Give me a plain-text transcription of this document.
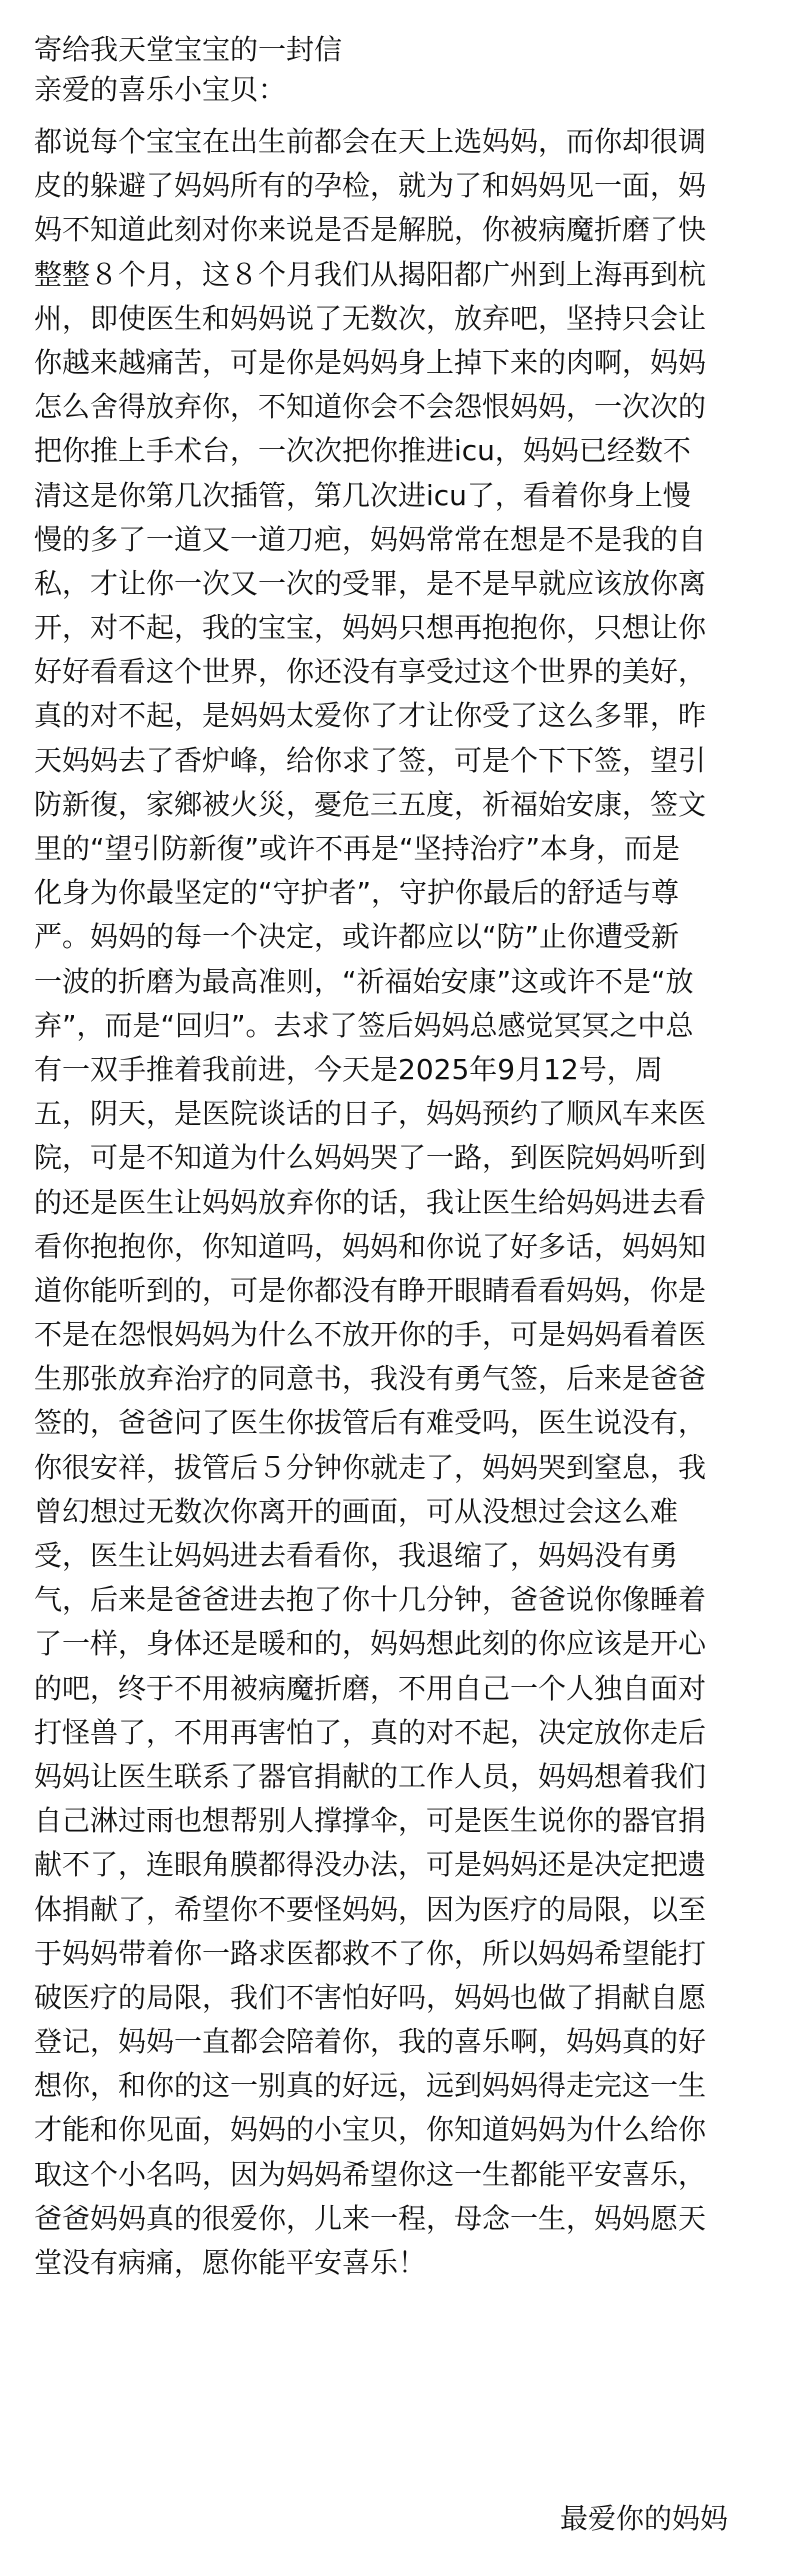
寄给我天堂宝宝的一封信
亲爱的喜乐小宝贝：
都说每个宝宝在出生前都会在天上选妈妈，而你却很调
皮的躲避了妈妈所有的孕检，就为了和妈妈见一面，妈
妈不知道此刻对你来说是否是解脱，你被病魔折磨了快
整整８个月，这８个月我们从揭阳都广州到上海再到杭
州，即使医生和妈妈说了无数次，放弃吧，坚持只会让
你越来越痛苦，可是你是妈妈身上掉下来的肉啊，妈妈
怎么舍得放弃你，不知道你会不会怨恨妈妈，一次次的
把你推上手术台，一次次把你推进icu，妈妈已经数不
清这是你第几次插管，第几次进icu了，看着你身上慢
慢的多了一道又一道刀疤，妈妈常常在想是不是我的自
私，才让你一次又一次的受罪，是不是早就应该放你离
开，对不起，我的宝宝，妈妈只想再抱抱你，只想让你
好好看看这个世界，你还没有享受过这个世界的美好，
真的对不起，是妈妈太爱你了才让你受了这么多罪，昨
天妈妈去了香炉峰，给你求了签，可是个下下签，望引
防新復，家鄉被火災，憂危三五度，祈福始安康，签文
里的“望引防新復”或许不再是“坚持治疗”本身，而是
化身为你最坚定的“守护者”，守护你最后的舒适与尊
严。妈妈的每一个决定，或许都应以“防”止你遭受新
一波的折磨为最高准则，“祈福始安康”这或许不是“放
弃”，而是“回归”。去求了签后妈妈总感觉冥冥之中总
有一双手推着我前进，今天是2025年9月12号，周
五，阴天，是医院谈话的日子，妈妈预约了顺风车来医
院，可是不知道为什么妈妈哭了一路，到医院妈妈听到
的还是医生让妈妈放弃你的话，我让医生给妈妈进去看
看你抱抱你，你知道吗，妈妈和你说了好多话，妈妈知
道你能听到的，可是你都没有睁开眼睛看看妈妈，你是
不是在怨恨妈妈为什么不放开你的手，可是妈妈看着医
生那张放弃治疗的同意书，我没有勇气签，后来是爸爸
签的，爸爸问了医生你拔管后有难受吗，医生说没有，
你很安祥，拔管后５分钟你就走了，妈妈哭到窒息，我
曾幻想过无数次你离开的画面，可从没想过会这么难
受，医生让妈妈进去看看你，我退缩了，妈妈没有勇
气，后来是爸爸进去抱了你十几分钟，爸爸说你像睡着
了一样，身体还是暖和的，妈妈想此刻的你应该是开心
的吧，终于不用被病魔折磨，不用自己一个人独自面对
打怪兽了，不用再害怕了，真的对不起，决定放你走后
妈妈让医生联系了器官捐献的工作人员，妈妈想着我们
自己淋过雨也想帮别人撑撑伞，可是医生说你的器官捐
献不了，连眼角膜都得没办法，可是妈妈还是决定把遗
体捐献了，希望你不要怪妈妈，因为医疗的局限，以至
于妈妈带着你一路求医都救不了你，所以妈妈希望能打
破医疗的局限，我们不害怕好吗，妈妈也做了捐献自愿
登记，妈妈一直都会陪着你，我的喜乐啊，妈妈真的好
想你，和你的这一别真的好远，远到妈妈得走完这一生
才能和你见面，妈妈的小宝贝，你知道妈妈为什么给你
取这个小名吗，因为妈妈希望你这一生都能平安喜乐，
爸爸妈妈真的很爱你，儿来一程，母念一生，妈妈愿天
堂没有病痛，愿你能平安喜乐！
最爱你的妈妈
